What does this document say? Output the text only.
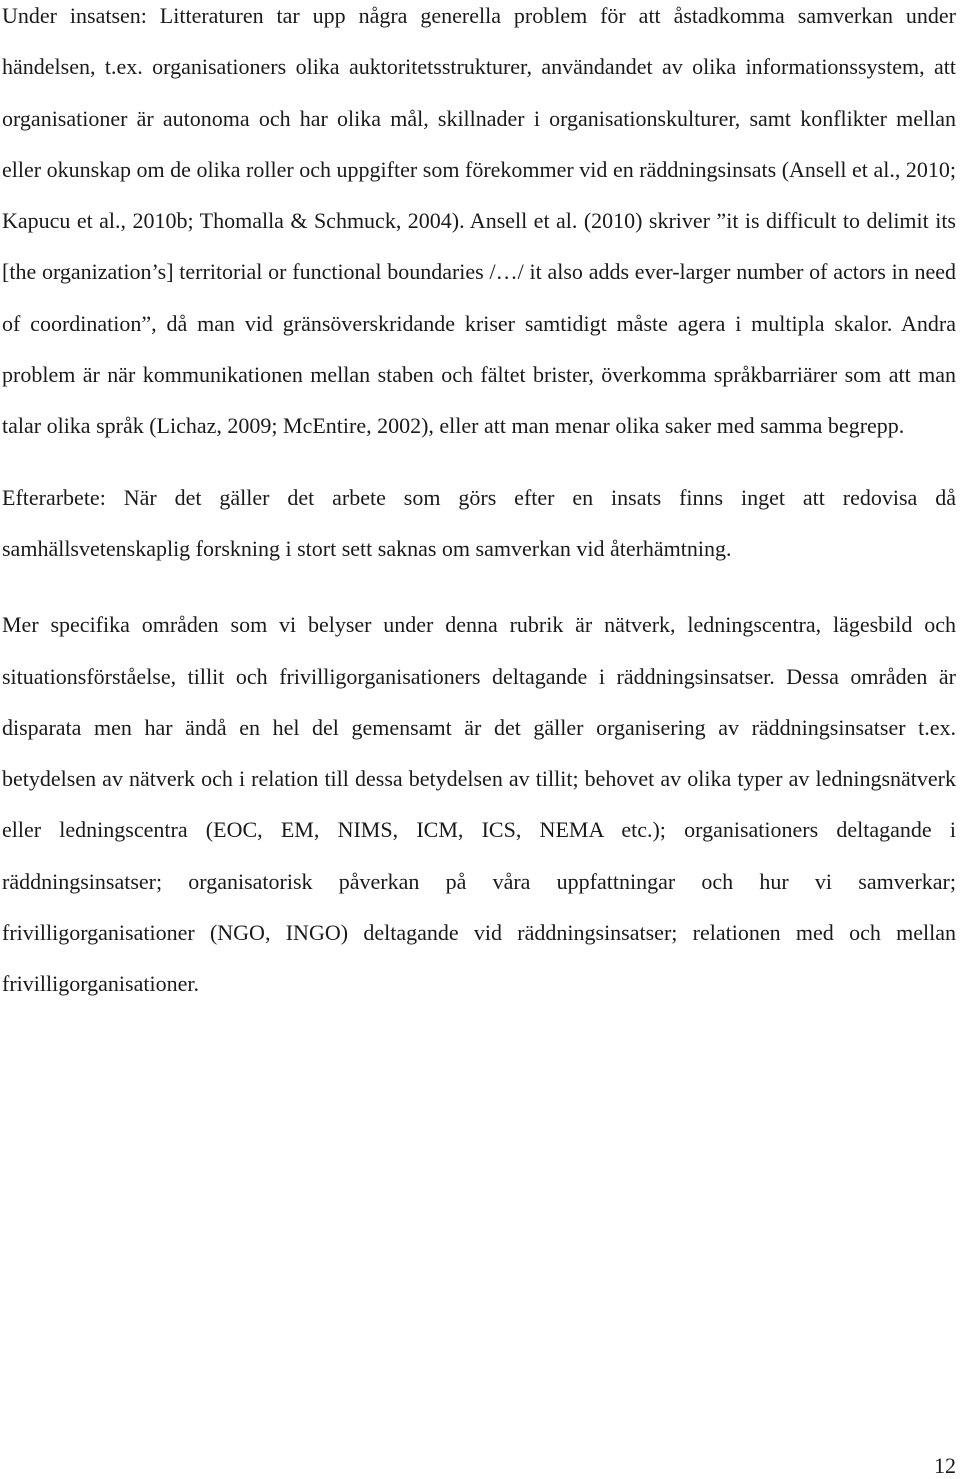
Under insatsen: Litteraturen tar upp några generella problem för att åstadkomma samverkan under händelsen, t.ex. organisationers olika auktoritetsstrukturer, användandet av olika informationssystem, att organisationer är autonoma och har olika mål, skillnader i organisationskulturer, samt konflikter mellan eller okunskap om de olika roller och uppgifter som förekommer vid en räddningsinsats (Ansell et al., 2010; Kapucu et al., 2010b; Thomalla & Schmuck, 2004). Ansell et al. (2010) skriver ”it is difficult to delimit its [the organization’s] territorial or functional boundaries /…/ it also adds ever-larger number of actors in need of coordination”, då man vid gränsöverskridande kriser samtidigt måste agera i multipla skalor. Andra problem är när kommunikationen mellan staben och fältet brister, överkomma språkbarriärer som att man talar olika språk (Lichaz, 2009; McEntire, 2002), eller att man menar olika saker med samma begrepp.

Efterarbete: När det gäller det arbete som görs efter en insats finns inget att redovisa då samhällsvetenskaplig forskning i stort sett saknas om samverkan vid återhämtning.

Mer specifika områden som vi belyser under denna rubrik är nätverk, ledningscentra, lägesbild och situationsförståelse, tillit och frivilligorganisationers deltagande i räddningsinsatser. Dessa områden är disparata men har ändå en hel del gemensamt är det gäller organisering av räddningsinsatser t.ex. betydelsen av nätverk och i relation till dessa betydelsen av tillit; behovet av olika typer av ledningsnätverk eller ledningscentra (EOC, EM, NIMS, ICM, ICS, NEMA etc.); organisationers deltagande i räddningsinsatser; organisatorisk påverkan på våra uppfattningar och hur vi samverkar; frivilligorganisationer (NGO, INGO) deltagande vid räddningsinsatser; relationen med och mellan frivilligorganisationer.

12
